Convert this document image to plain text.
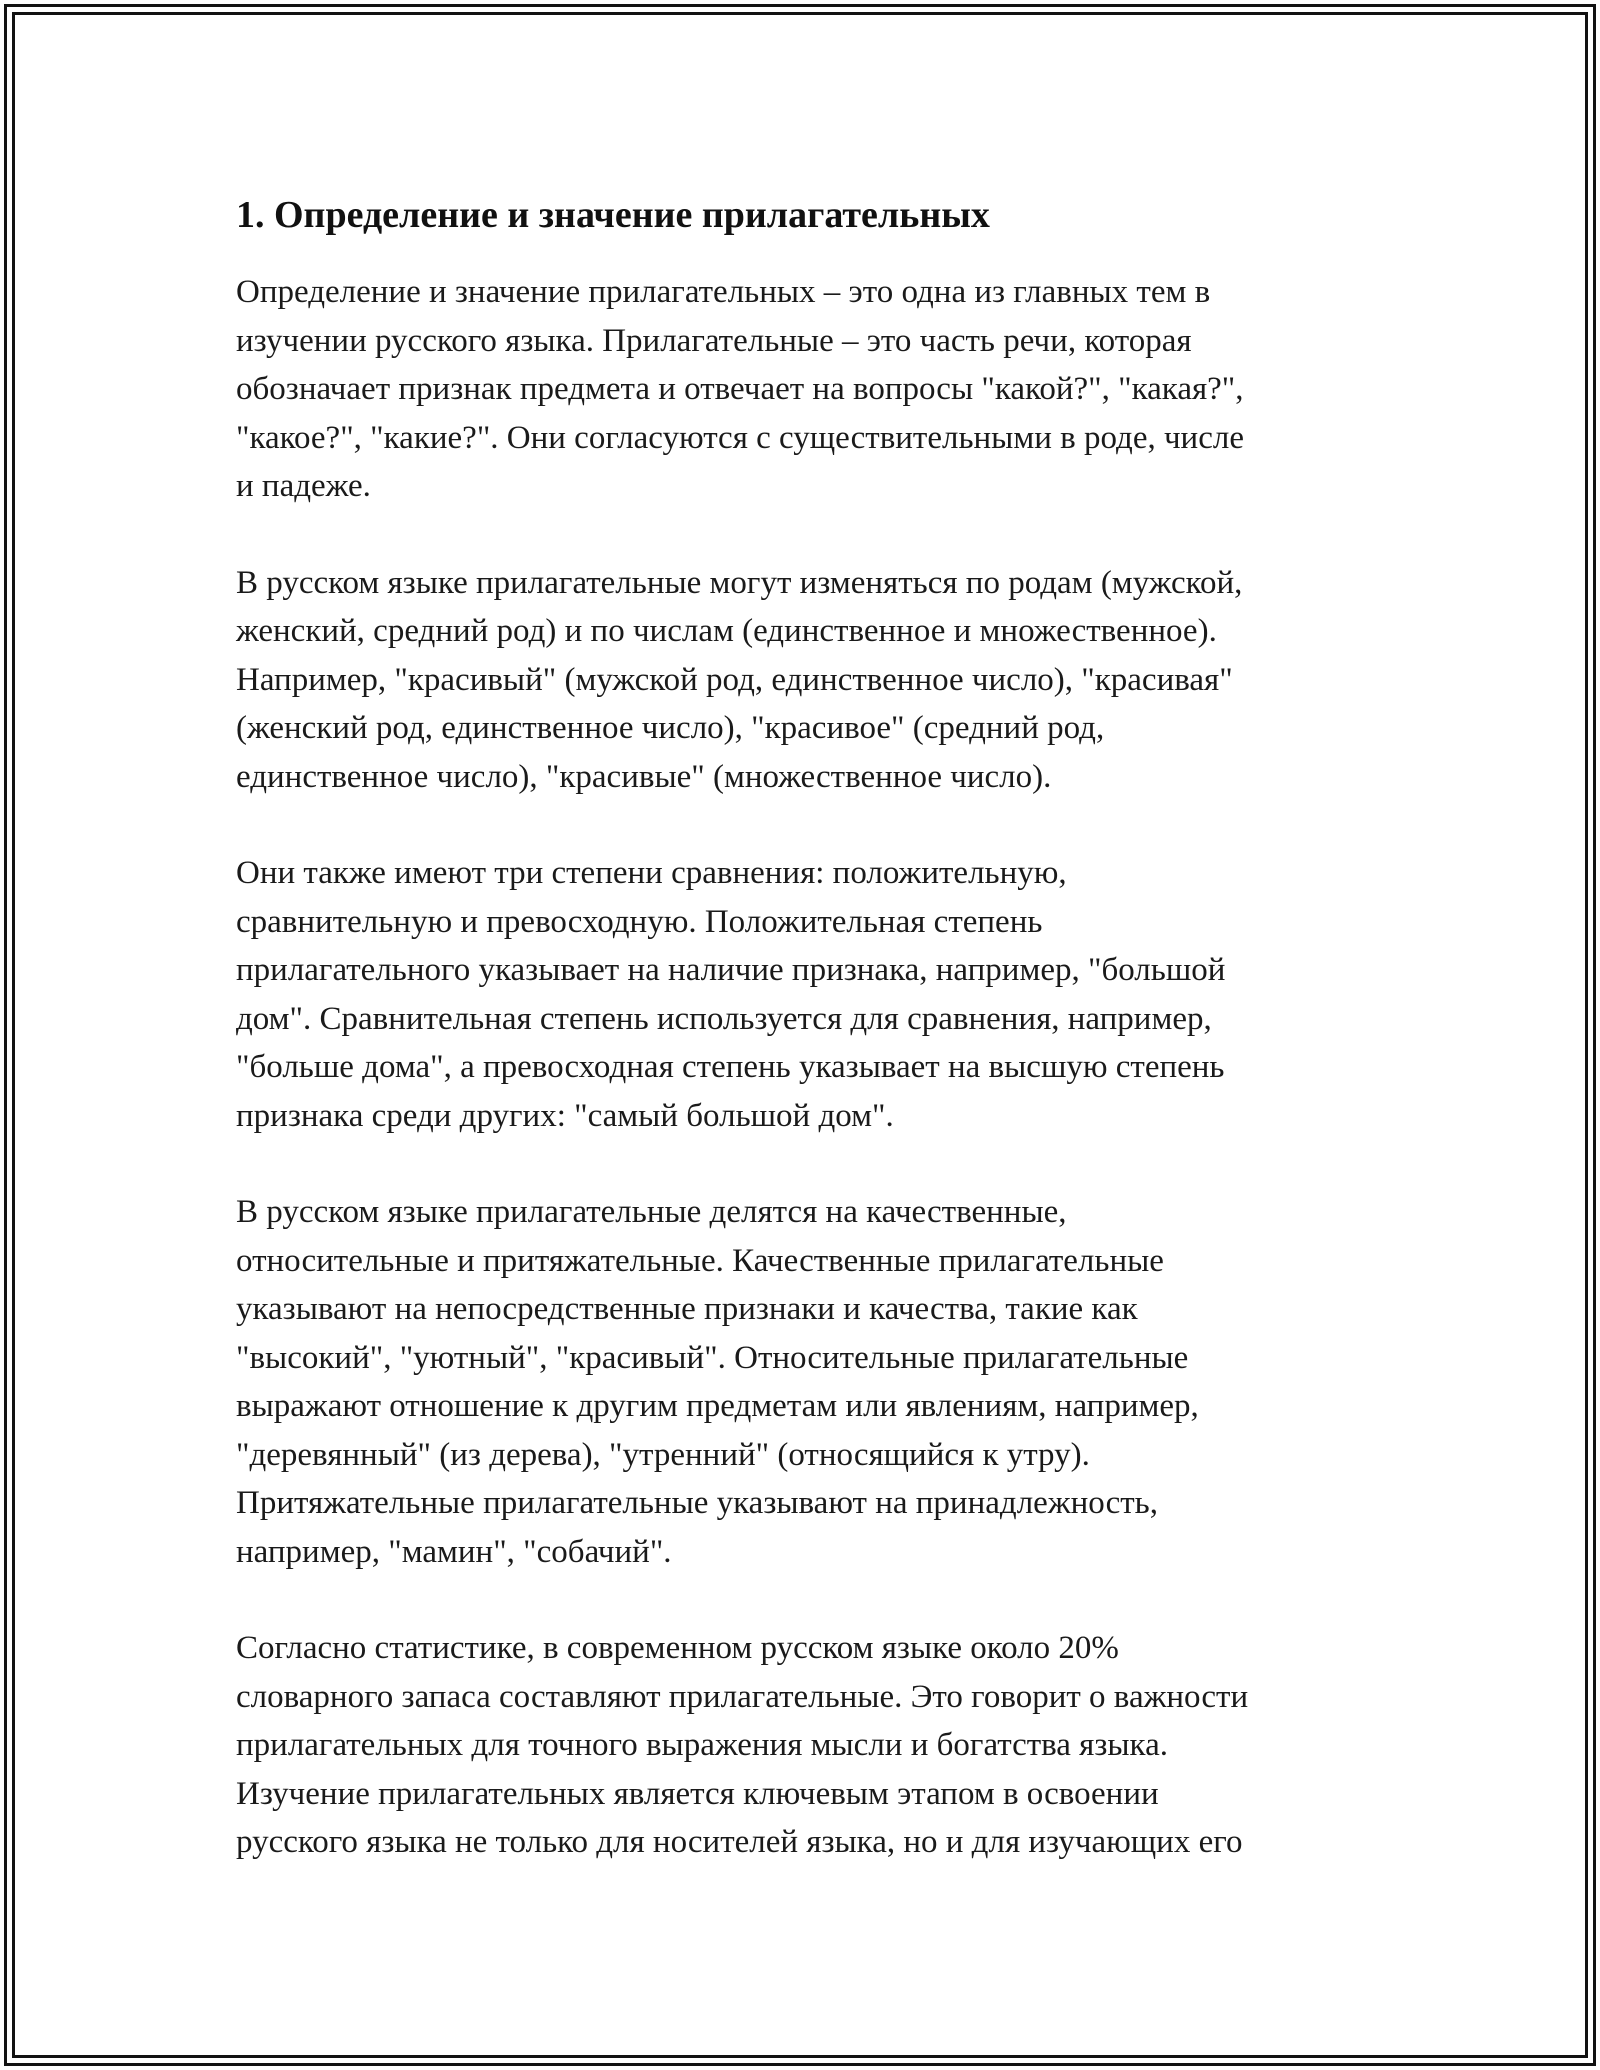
1. Определение и значение прилагательных

Определение и значение прилагательных – это одна из главных тем в
изучении русского языка. Прилагательные – это часть речи, которая
обозначает признак предмета и отвечает на вопросы "какой?", "какая?",
"какое?", "какие?". Они согласуются с существительными в роде, числе
и падеже.

В русском языке прилагательные могут изменяться по родам (мужской,
женский, средний род) и по числам (единственное и множественное).
Например, "красивый" (мужской род, единственное число), "красивая"
(женский род, единственное число), "красивое" (средний род,
единственное число), "красивые" (множественное число).

Они также имеют три степени сравнения: положительную,
сравнительную и превосходную. Положительная степень
прилагательного указывает на наличие признака, например, "большой
дом". Сравнительная степень используется для сравнения, например,
"больше дома", а превосходная степень указывает на высшую степень
признака среди других: "самый большой дом".

В русском языке прилагательные делятся на качественные,
относительные и притяжательные. Качественные прилагательные
указывают на непосредственные признаки и качества, такие как
"высокий", "уютный", "красивый". Относительные прилагательные
выражают отношение к другим предметам или явлениям, например,
"деревянный" (из дерева), "утренний" (относящийся к утру).
Притяжательные прилагательные указывают на принадлежность,
например, "мамин", "собачий".

Согласно статистике, в современном русском языке около 20%
словарного запаса составляют прилагательные. Это говорит о важности
прилагательных для точного выражения мысли и богатства языка.
Изучение прилагательных является ключевым этапом в освоении
русского языка не только для носителей языка, но и для изучающих его
